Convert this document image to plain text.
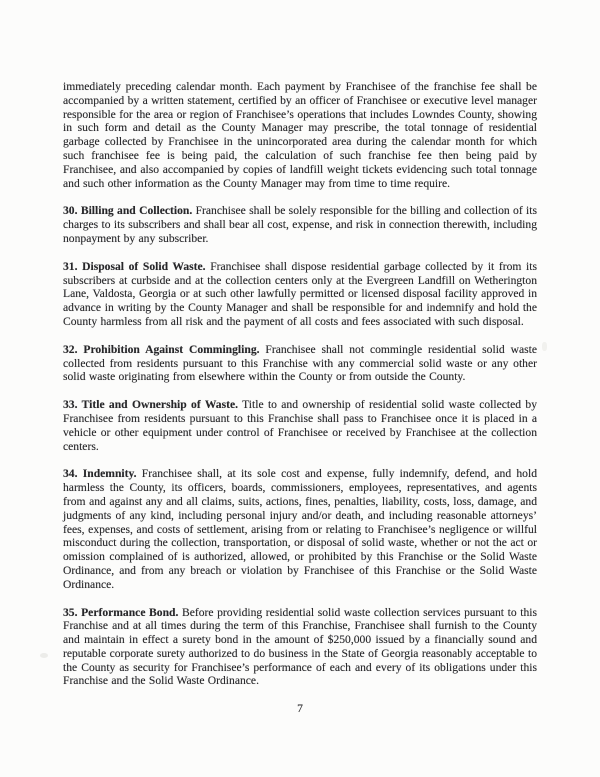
immediately preceding calendar month. Each payment by Franchisee of the franchise fee shall be accompanied by a written statement, certified by an officer of Franchisee or executive level manager responsible for the area or region of Franchisee’s operations that includes Lowndes County, showing in such form and detail as the County Manager may prescribe, the total tonnage of residential garbage collected by Franchisee in the unincorporated area during the calendar month for which such franchisee fee is being paid, the calculation of such franchise fee then being paid by Franchisee, and also accompanied by copies of landfill weight tickets evidencing such total tonnage and such other information as the County Manager may from time to time require.

30. Billing and Collection. Franchisee shall be solely responsible for the billing and collection of its charges to its subscribers and shall bear all cost, expense, and risk in connection therewith, including nonpayment by any subscriber.

31. Disposal of Solid Waste. Franchisee shall dispose residential garbage collected by it from its subscribers at curbside and at the collection centers only at the Evergreen Landfill on Wetherington Lane, Valdosta, Georgia or at such other lawfully permitted or licensed disposal facility approved in advance in writing by the County Manager and shall be responsible for and indemnify and hold the County harmless from all risk and the payment of all costs and fees associated with such disposal.

32. Prohibition Against Commingling. Franchisee shall not commingle residential solid waste collected from residents pursuant to this Franchise with any commercial solid waste or any other solid waste originating from elsewhere within the County or from outside the County.

33. Title and Ownership of Waste. Title to and ownership of residential solid waste collected by Franchisee from residents pursuant to this Franchise shall pass to Franchisee once it is placed in a vehicle or other equipment under control of Franchisee or received by Franchisee at the collection centers.

34. Indemnity. Franchisee shall, at its sole cost and expense, fully indemnify, defend, and hold harmless the County, its officers, boards, commissioners, employees, representatives, and agents from and against any and all claims, suits, actions, fines, penalties, liability, costs, loss, damage, and judgments of any kind, including personal injury and/or death, and including reasonable attorneys’ fees, expenses, and costs of settlement, arising from or relating to Franchisee’s negligence or willful misconduct during the collection, transportation, or disposal of solid waste, whether or not the act or omission complained of is authorized, allowed, or prohibited by this Franchise or the Solid Waste Ordinance, and from any breach or violation by Franchisee of this Franchise or the Solid Waste Ordinance.

35. Performance Bond. Before providing residential solid waste collection services pursuant to this Franchise and at all times during the term of this Franchise, Franchisee shall furnish to the County and maintain in effect a surety bond in the amount of $250,000 issued by a financially sound and reputable corporate surety authorized to do business in the State of Georgia reasonably acceptable to the County as security for Franchisee’s performance of each and every of its obligations under this Franchise and the Solid Waste Ordinance.

7
